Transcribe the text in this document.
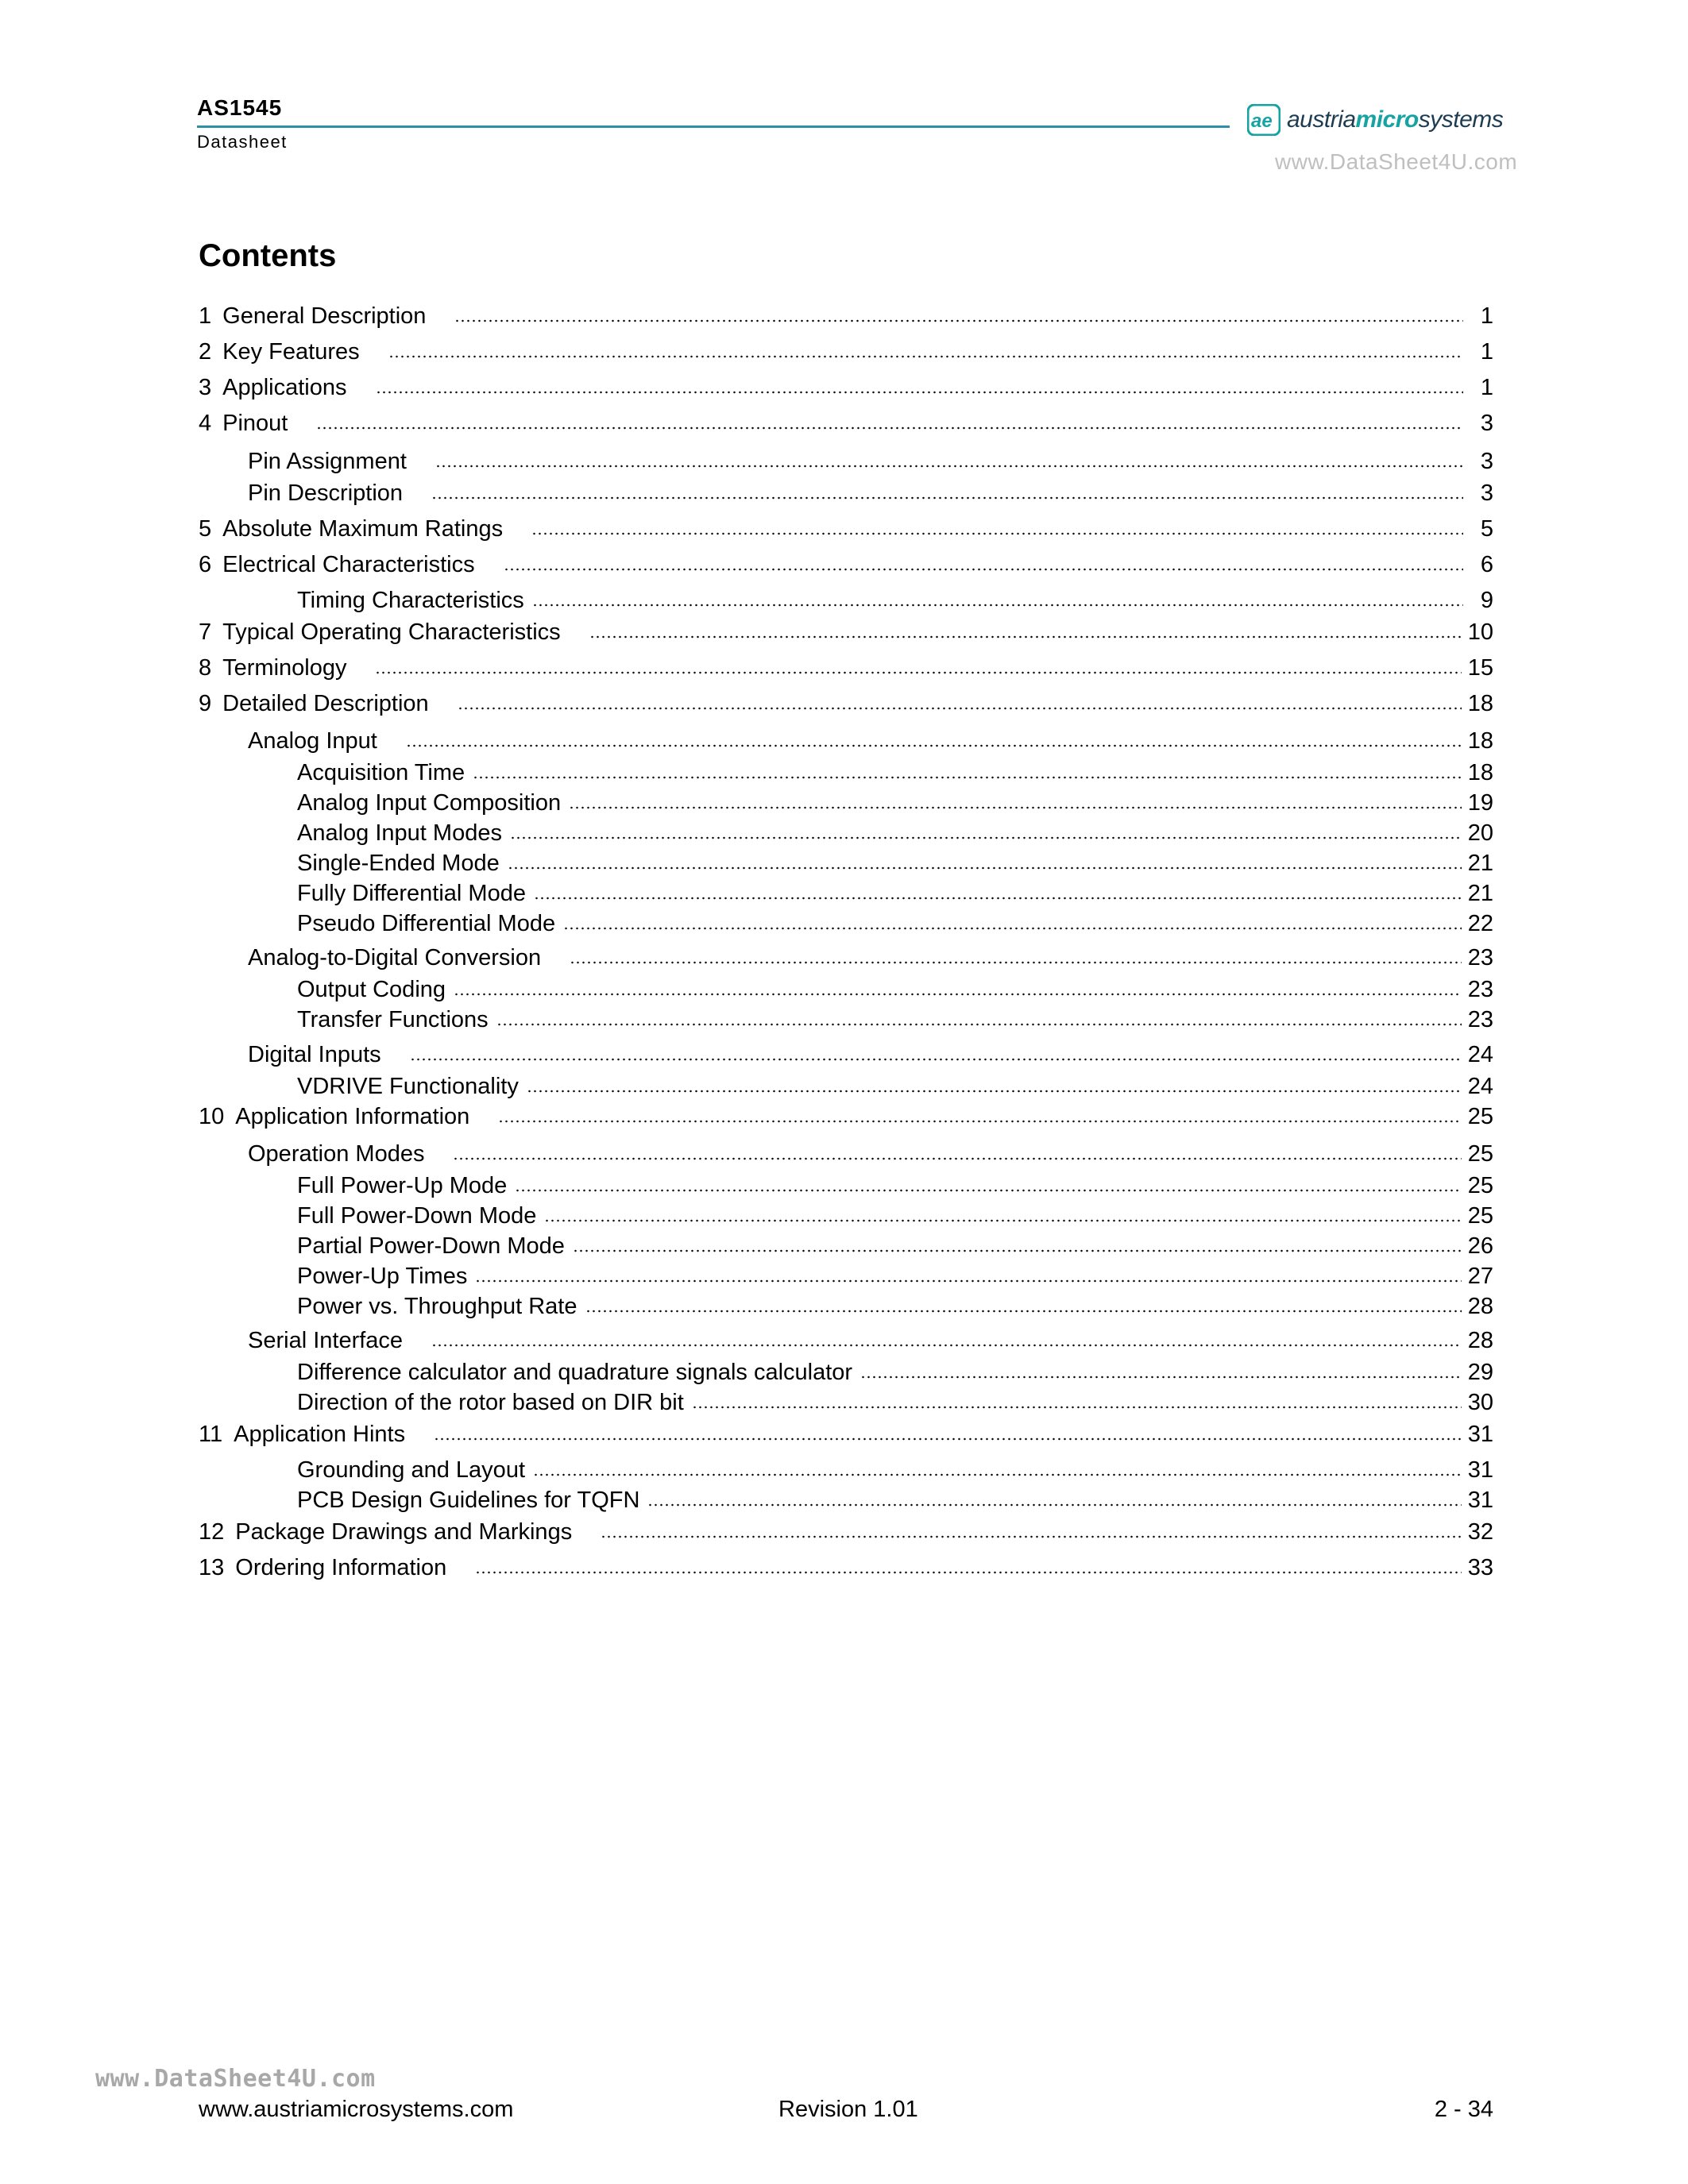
AS1545
Datasheet
ae austriamicrosystems
www.DataSheet4U.com
Contents
1 General Description	1
2 Key Features	1
3 Applications	1
4 Pinout	3
Pin Assignment	3
Pin Description	3
5 Absolute Maximum Ratings	5
6 Electrical Characteristics	6
Timing Characteristics	9
7 Typical Operating Characteristics	10
8 Terminology	15
9 Detailed Description	18
Analog Input	18
Acquisition Time	18
Analog Input Composition	19
Analog Input Modes	20
Single-Ended Mode	21
Fully Differential Mode	21
Pseudo Differential Mode	22
Analog-to-Digital Conversion	23
Output Coding	23
Transfer Functions	23
Digital Inputs	24
VDRIVE Functionality	24
10 Application Information	25
Operation Modes	25
Full Power-Up Mode	25
Full Power-Down Mode	25
Partial Power-Down Mode	26
Power-Up Times	27
Power vs. Throughput Rate	28
Serial Interface	28
Difference calculator and quadrature signals calculator	29
Direction of the rotor based on DIR bit	30
11 Application Hints	31
Grounding and Layout	31
PCB Design Guidelines for TQFN	31
12 Package Drawings and Markings	32
13 Ordering Information	33
www.DataSheet4U.com
www.austriamicrosystems.com	Revision 1.01	2 - 34
